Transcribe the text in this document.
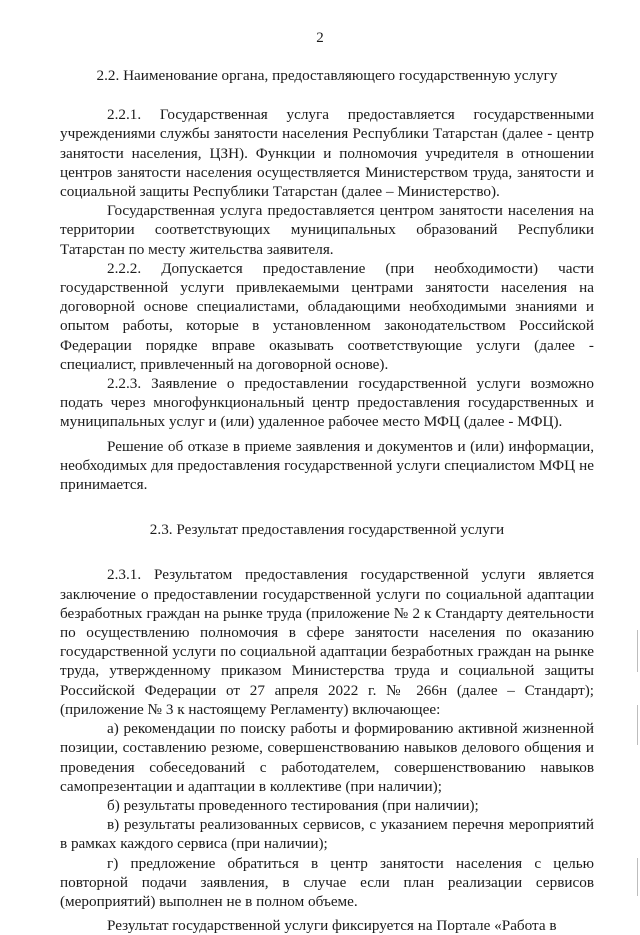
2

2.2. Наименование органа, предоставляющего государственную услугу

2.2.1. Государственная услуга предоставляется государственными учреждениями службы занятости населения Республики Татарстан (далее - центр занятости населения, ЦЗН). Функции и полномочия учредителя в отношении центров занятости населения осуществляется Министерством труда, занятости и социальной защиты Республики Татарстан (далее – Министерство).

Государственная услуга предоставляется центром занятости населения на территории соответствующих муниципальных образований Республики Татарстан по месту жительства заявителя.

2.2.2. Допускается предоставление (при необходимости) части государственной услуги привлекаемыми центрами занятости населения на договорной основе специалистами, обладающими необходимыми знаниями и опытом работы, которые в установленном законодательством Российской Федерации порядке вправе оказывать соответствующие услуги (далее - специалист, привлеченный на договорной основе).

2.2.3. Заявление о предоставлении государственной услуги возможно подать через многофункциональный центр предоставления государственных и муниципальных услуг и (или) удаленное рабочее место МФЦ (далее - МФЦ).

Решение об отказе в приеме заявления и документов и (или) информации, необходимых для предоставления государственной услуги специалистом МФЦ не принимается.

2.3. Результат предоставления государственной услуги

2.3.1. Результатом предоставления государственной услуги является заключение о предоставлении государственной услуги по социальной адаптации безработных граждан на рынке труда (приложение № 2 к Стандарту деятельности по осуществлению полномочия в сфере занятости населения по оказанию государственной услуги по социальной адаптации безработных граждан на рынке труда, утвержденному приказом Министерства труда и социальной защиты Российской Федерации от 27 апреля 2022 г. № 266н (далее – Стандарт); (приложение № 3 к настоящему Регламенту) включающее:

а) рекомендации по поиску работы и формированию активной жизненной позиции, составлению резюме, совершенствованию навыков делового общения и проведения собеседований с работодателем, совершенствованию навыков самопрезентации и адаптации в коллективе (при наличии);

б) результаты проведенного тестирования (при наличии);

в) результаты реализованных сервисов, с указанием перечня мероприятий в рамках каждого сервиса (при наличии);

г) предложение обратиться в центр занятости населения с целью повторной подачи заявления, в случае если план реализации сервисов (мероприятий) выполнен не в полном объеме.

Результат государственной услуги фиксируется на Портале «Работа в
